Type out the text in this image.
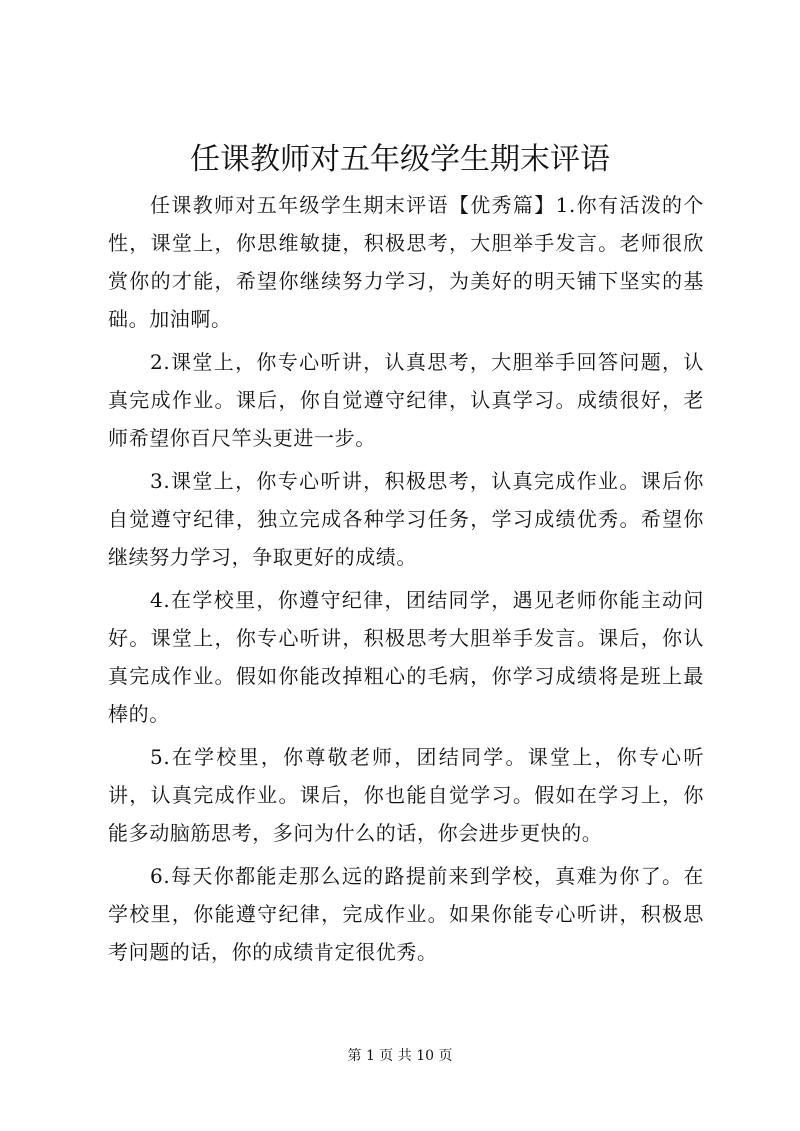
任课教师对五年级学生期末评语

任课教师对五年级学生期末评语【优秀篇】1.你有活泼的个性，课堂上，你思维敏捷，积极思考，大胆举手发言。老师很欣赏你的才能，希望你继续努力学习，为美好的明天铺下坚实的基础。加油啊。

2.课堂上，你专心听讲，认真思考，大胆举手回答问题，认真完成作业。课后，你自觉遵守纪律，认真学习。成绩很好，老师希望你百尺竿头更进一步。

3.课堂上，你专心听讲，积极思考，认真完成作业。课后你自觉遵守纪律，独立完成各种学习任务，学习成绩优秀。希望你继续努力学习，争取更好的成绩。

4.在学校里，你遵守纪律，团结同学，遇见老师你能主动问好。课堂上，你专心听讲，积极思考大胆举手发言。课后，你认真完成作业。假如你能改掉粗心的毛病，你学习成绩将是班上最棒的。

5.在学校里，你尊敬老师，团结同学。课堂上，你专心听讲，认真完成作业。课后，你也能自觉学习。假如在学习上，你能多动脑筋思考，多问为什么的话，你会进步更快的。

6.每天你都能走那么远的路提前来到学校，真难为你了。在学校里，你能遵守纪律，完成作业。如果你能专心听讲，积极思考问题的话，你的成绩肯定很优秀。

第 1 页 共 10 页
